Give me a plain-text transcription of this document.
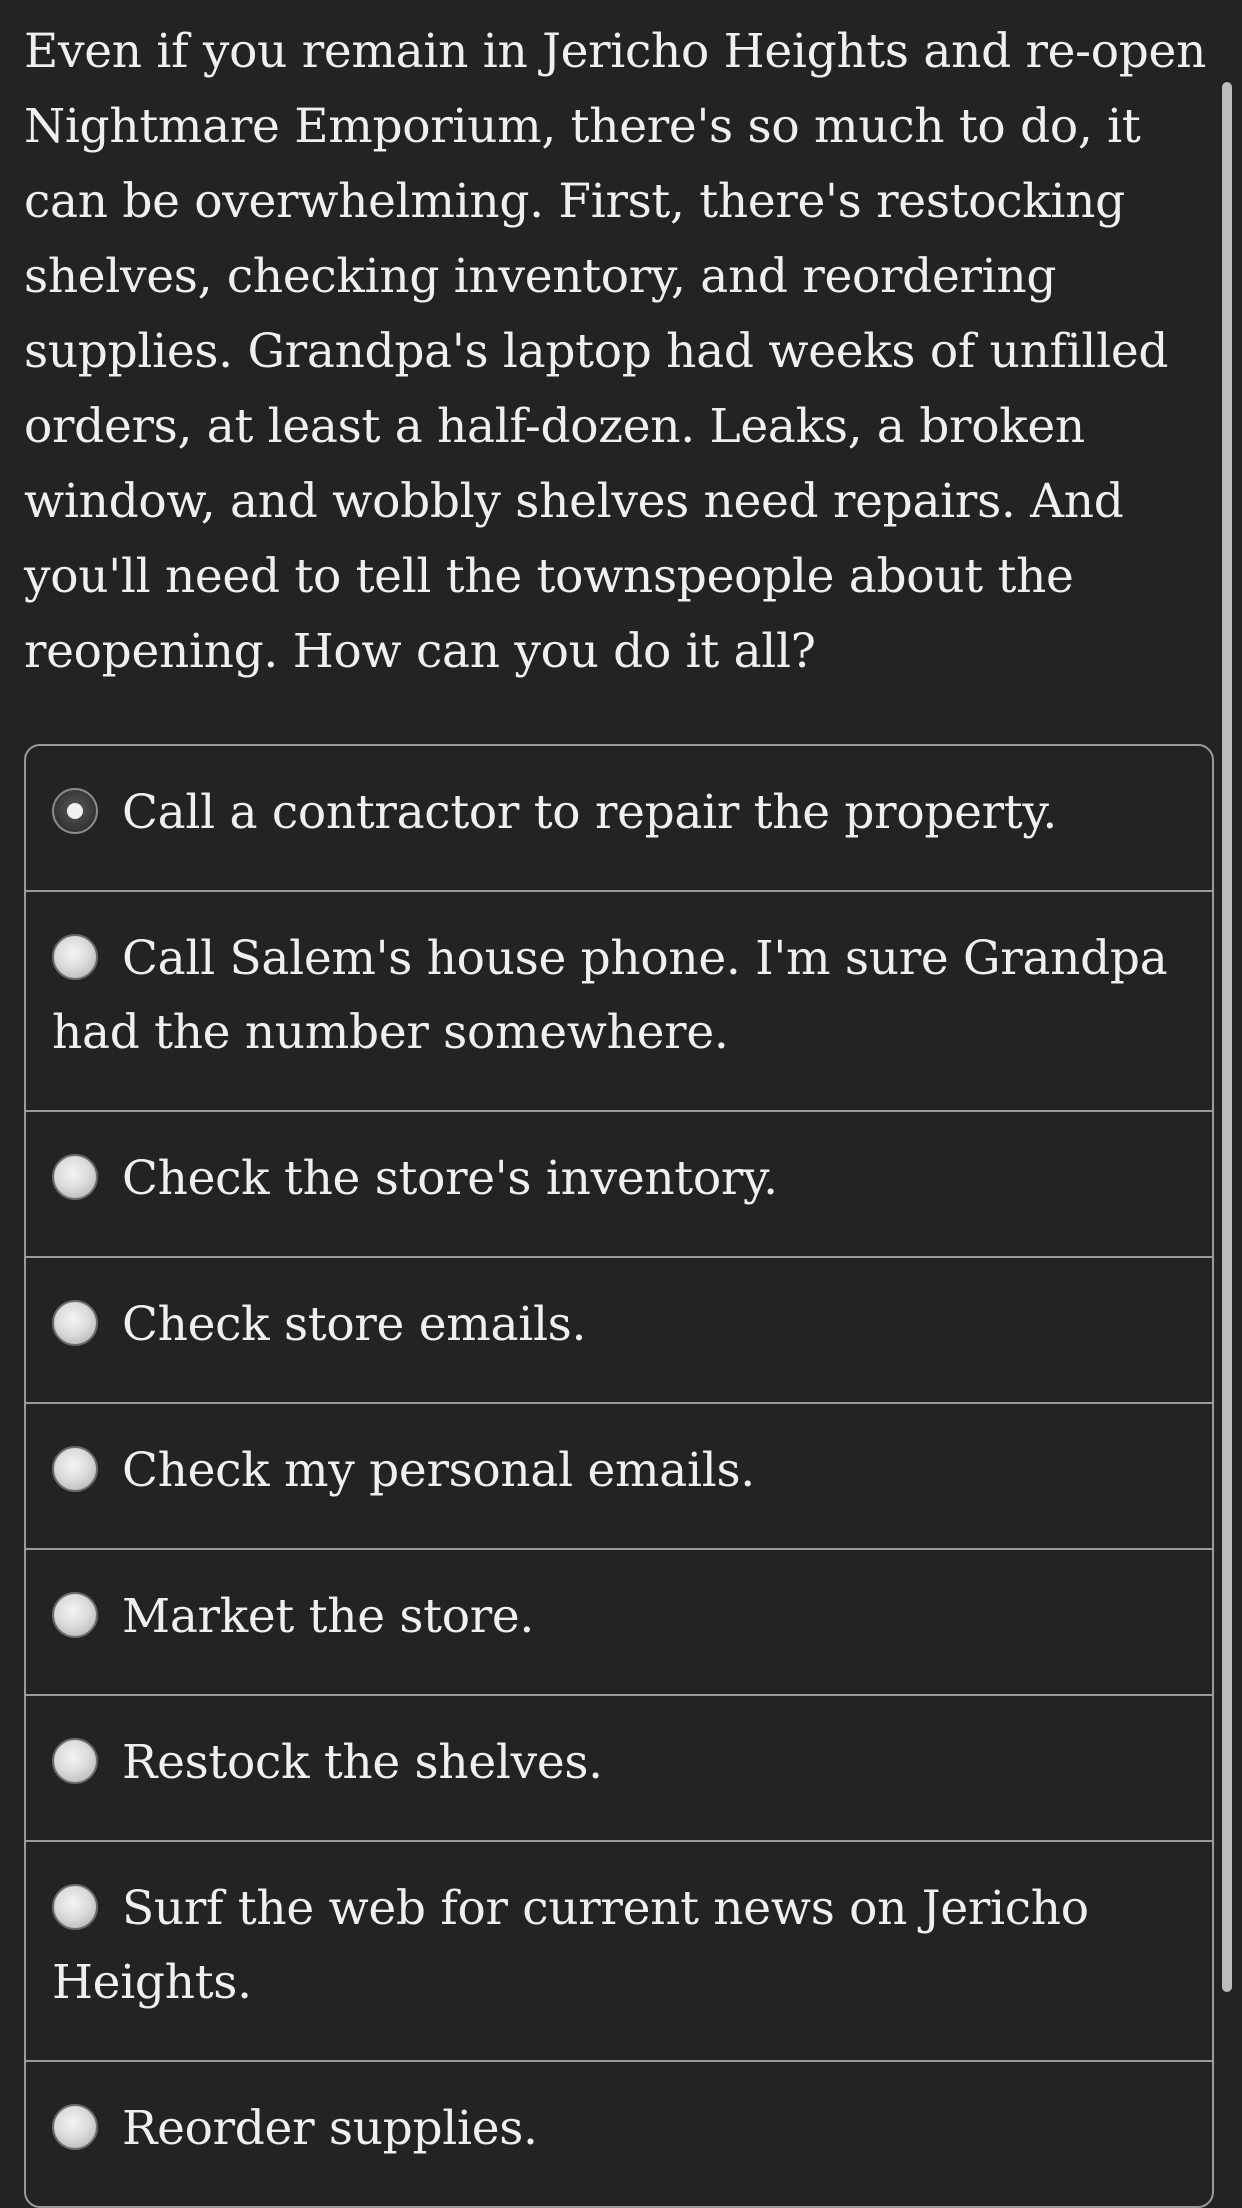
Even if you remain in Jericho Heights and re-open Nightmare Emporium, there's so much to do, it can be overwhelming. First, there's restocking shelves, checking inventory, and reordering supplies. Grandpa's laptop had weeks of unfilled orders, at least a half-dozen. Leaks, a broken window, and wobbly shelves need repairs. And you'll need to tell the townspeople about the reopening. How can you do it all?

Call a contractor to repair the property.
Call Salem's house phone. I'm sure Grandpa had the number somewhere.
Check the store's inventory.
Check store emails.
Check my personal emails.
Market the store.
Restock the shelves.
Surf the web for current news on Jericho Heights.
Reorder supplies.
